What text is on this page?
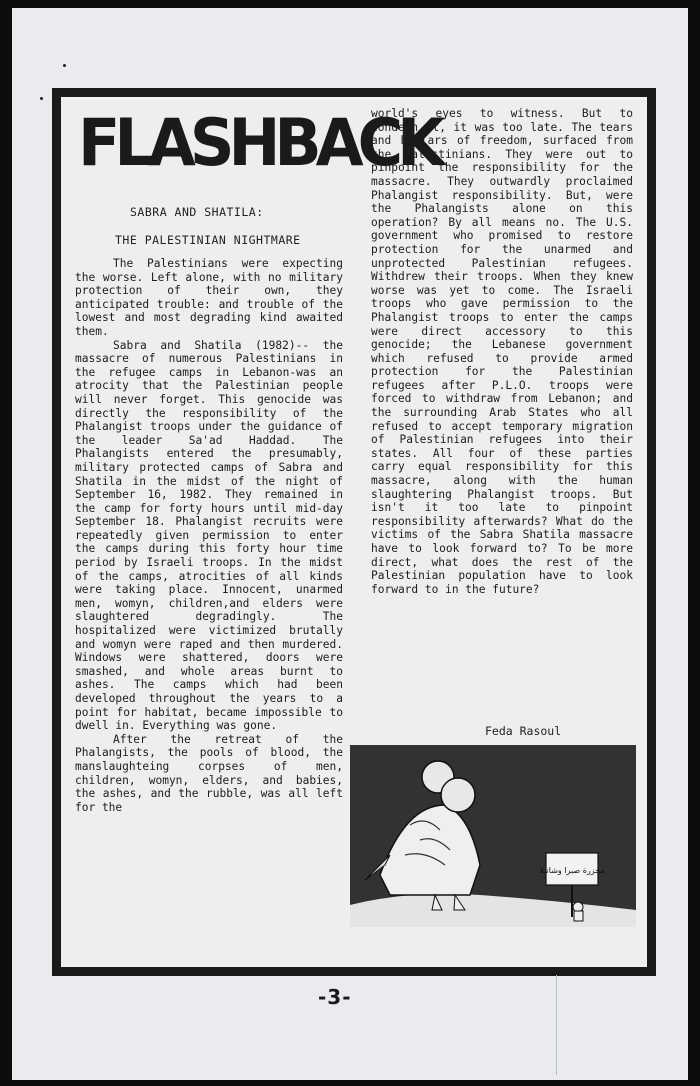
FLASHBACK
SABRA AND SHATILA:
THE PALESTINIAN NIGHTMARE

The Palestinians were expecting the worse. Left alone, with no military protection of their own, they anticipated trouble: and trouble of the lowest and most degrading kind awaited them.

Sabra and Shatila (1982)-- the massacre of numerous Palestinians in the refugee camps in Lebanon-was an atrocity that the Palestinian people will never forget. This genocide was directly the responsibility of the Phalangist troops under the guidance of the leader Sa'ad Haddad. The Phalangists entered the presumably, military protected camps of Sabra and Shatila in the midst of the night of September 16, 1982. They remained in the camp for forty hours until mid-day September 18. Phalangist recruits were repeatedly given permission to enter the camps during this forty hour time period by Israeli troops. In the midst of the camps, atrocities of all kinds were taking place. Innocent, unarmed men, womyn, children,and elders were slaughtered degradingly. The hospitalized were victimized brutally and womyn were raped and then murdered. Windows were shattered, doors were smashed, and whole areas burnt to ashes. The camps which had been developed throughout the years to a point for habitat, became impossible to dwell in. Everything was gone.

After the retreat of the Phalangists, the pools of blood, the manslaughteing corpses of men, children, womyn, elders, and babies, the ashes, and the rubble, was all left for the

world's eyes to witness. But to condemn it, it was too late. The tears and hollars of freedom, surfaced from the Palestinians. They were out to pinpoint the responsibility for the massacre. They outwardly proclaimed Phalangist responsibility. But, were the Phalangists alone on this operation? By all means no. The U.S. government who promised to restore protection for the unarmed and unprotected Palestinian refugees. Withdrew their troops. When they knew worse was yet to come. The Israeli troops who gave permission to the Phalangist troops to enter the camps were direct accessory to this genocide; the Lebanese government which refused to provide armed protection for the Palestinian refugees after P.L.O. troops were forced to withdraw from Lebanon; and the surrounding Arab States who all refused to accept temporary migration of Palestinian refugees into their states. All four of these parties carry equal responsibility for this massacre, along with the human slaughtering Phalangist troops. But isn't it too late to pinpoint responsibility afterwards? What do the victims of the Sabra Shatila massacre have to look forward to? To be more direct, what does the rest of the Palestinian population have to look forward to in the future?

Feda Rasoul
مجزرة صبرا وشاتيلا
-3-
